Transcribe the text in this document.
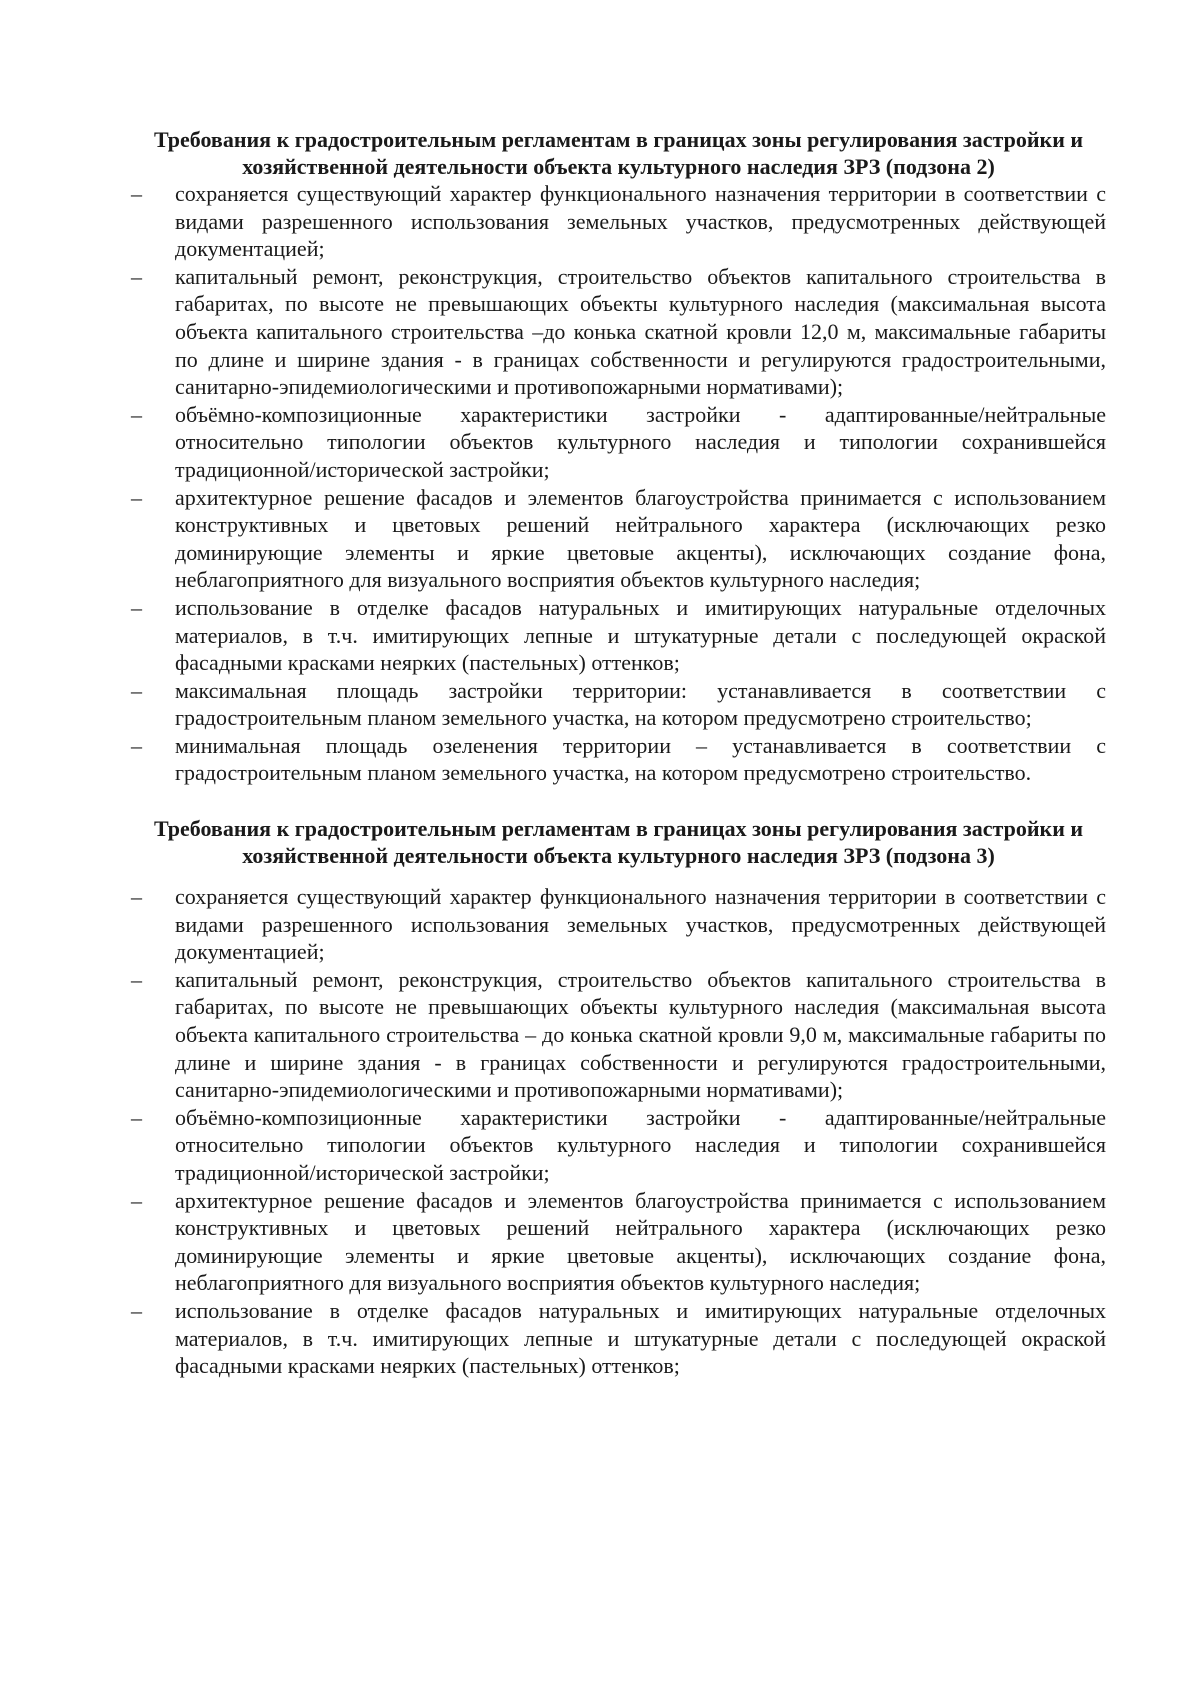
Требования к градостроительным регламентам в границах зоны регулирования застройки и хозяйственной деятельности объекта культурного наследия ЗРЗ (подзона 2)
–	сохраняется существующий характер функционального назначения территории в соответствии с видами разрешенного использования земельных участков, предусмотренных действующей документацией;
–	капитальный ремонт, реконструкция, строительство объектов капитального строительства в габаритах, по высоте не превышающих объекты культурного наследия (максимальная высота объекта капитального строительства –до конька скатной кровли 12,0 м, максимальные габариты по длине и ширине здания - в границах собственности и регулируются градостроительными, санитарно-эпидемиологическими и противопожарными нормативами);
–	объёмно-композиционные характеристики застройки - адаптированные/нейтральные относительно типологии объектов культурного наследия и типологии сохранившейся традиционной/исторической застройки;
–	архитектурное решение фасадов и элементов благоустройства принимается с использованием конструктивных и цветовых решений нейтрального характера (исключающих резко доминирующие элементы и яркие цветовые акценты), исключающих создание фона, неблагоприятного для визуального восприятия объектов культурного наследия;
–	использование в отделке фасадов натуральных и имитирующих натуральные отделочных материалов, в т.ч. имитирующих лепные и штукатурные детали с последующей окраской фасадными красками неярких (пастельных) оттенков;
–	максимальная площадь застройки территории: устанавливается в соответствии с градостроительным планом земельного участка, на котором предусмотрено строительство;
–	минимальная площадь озеленения территории – устанавливается в соответствии с градостроительным планом земельного участка, на котором предусмотрено строительство.
Требования к градостроительным регламентам в границах зоны регулирования застройки и хозяйственной деятельности объекта культурного наследия ЗРЗ (подзона 3)
–	сохраняется существующий характер функционального назначения территории в соответствии с видами разрешенного использования земельных участков, предусмотренных действующей документацией;
–	капитальный ремонт, реконструкция, строительство объектов капитального строительства в габаритах, по высоте не превышающих объекты культурного наследия (максимальная высота объекта капитального строительства – до конька скатной кровли 9,0 м, максимальные габариты по длине и ширине здания - в границах собственности и регулируются градостроительными, санитарно-эпидемиологическими и противопожарными нормативами);
–	объёмно-композиционные характеристики застройки - адаптированные/нейтральные относительно типологии объектов культурного наследия и типологии сохранившейся традиционной/исторической застройки;
–	архитектурное решение фасадов и элементов благоустройства принимается с использованием конструктивных и цветовых решений нейтрального характера (исключающих резко доминирующие элементы и яркие цветовые акценты), исключающих создание фона, неблагоприятного для визуального восприятия объектов культурного наследия;
–	использование в отделке фасадов натуральных и имитирующих натуральные отделочных материалов, в т.ч. имитирующих лепные и штукатурные детали с последующей окраской фасадными красками неярких (пастельных) оттенков;
